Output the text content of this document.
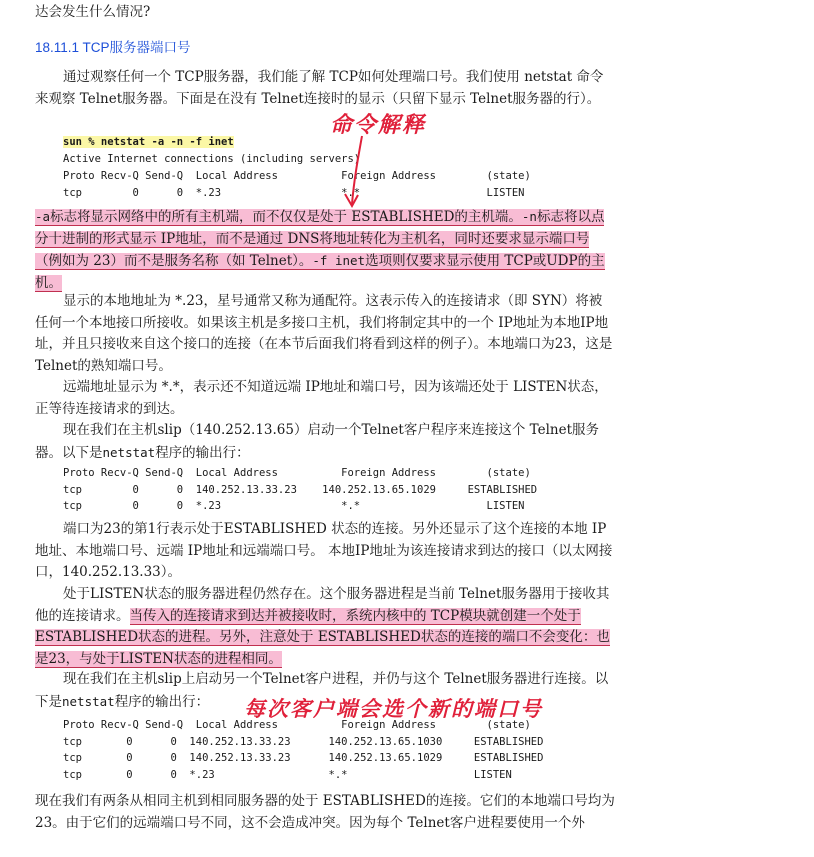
达会发生什么情况?
18.11.1 TCP服务器端口号
通过观察任何一个 TCP服务器，我们能了解 TCP如何处理端口号。我们使用 netstat 命令来观察 Telnet服务器。下面是在没有 Telnet连接时的显示（只留下显示 Telnet服务器的行）。
sun % netstat -a -n -f inet
Active Internet connections (including servers)
Proto Recv-Q Send-Q  Local Address          Foreign Address        (state)
tcp        0      0  *.23                   *.*                    LISTEN
命令解释
-a标志将显示网络中的所有主机端，而不仅仅是处于 ESTABLISHED的主机端。-n标志将以点分十进制的形式显示 IP地址，而不是通过 DNS将地址转化为主机名，同时还要求显示端口号（例如为 23）而不是服务名称（如 Telnet）。-f inet选项则仅要求显示使用 TCP或UDP的主机。
显示的本地地址为 *.23，星号通常又称为通配符。这表示传入的连接请求（即 SYN）将被任何一个本地接口所接收。如果该主机是多接口主机，我们将制定其中的一个 IP地址为本地IP地址，并且只接收来自这个接口的连接（在本节后面我们将看到这样的例子）。本地端口为23，这是Telnet的熟知端口号。
远端地址显示为 *.*，表示还不知道远端 IP地址和端口号，因为该端还处于 LISTEN状态，正等待连接请求的到达。
现在我们在主机slip（140.252.13.65）启动一个Telnet客户程序来连接这个 Telnet服务器。以下是netstat程序的输出行：
Proto Recv-Q Send-Q  Local Address          Foreign Address        (state)
tcp        0      0  140.252.13.33.23    140.252.13.65.1029     ESTABLISHED
tcp        0      0  *.23                   *.*                    LISTEN
端口为23的第1行表示处于ESTABLISHED 状态的连接。另外还显示了这个连接的本地 IP地址、本地端口号、远端 IP地址和远端端口号。 本地IP地址为该连接请求到达的接口（以太网接口，140.252.13.33）。
处于LISTEN状态的服务器进程仍然存在。这个服务器进程是当前 Telnet服务器用于接收其他的连接请求。当传入的连接请求到达并被接收时，系统内核中的 TCP模块就创建一个处于ESTABLISHED状态的进程。另外，注意处于 ESTABLISHED状态的连接的端口不会变化：也是23，与处于LISTEN状态的进程相同。
现在我们在主机slip上启动另一个Telnet客户进程，并仍与这个 Telnet服务器进行连接。以下是netstat程序的输出行：	每次客户端会选个新的端口号
Proto Recv-Q Send-Q  Local Address          Foreign Address        (state)
tcp       0      0  140.252.13.33.23      140.252.13.65.1030     ESTABLISHED
tcp       0      0  140.252.13.33.23      140.252.13.65.1029     ESTABLISHED
tcp       0      0  *.23                  *.*                    LISTEN
现在我们有两条从相同主机到相同服务器的处于 ESTABLISHED的连接。它们的本地端口号均为23。由于它们的远端端口号不同，这不会造成冲突。因为每个 Telnet客户进程要使用一个外
